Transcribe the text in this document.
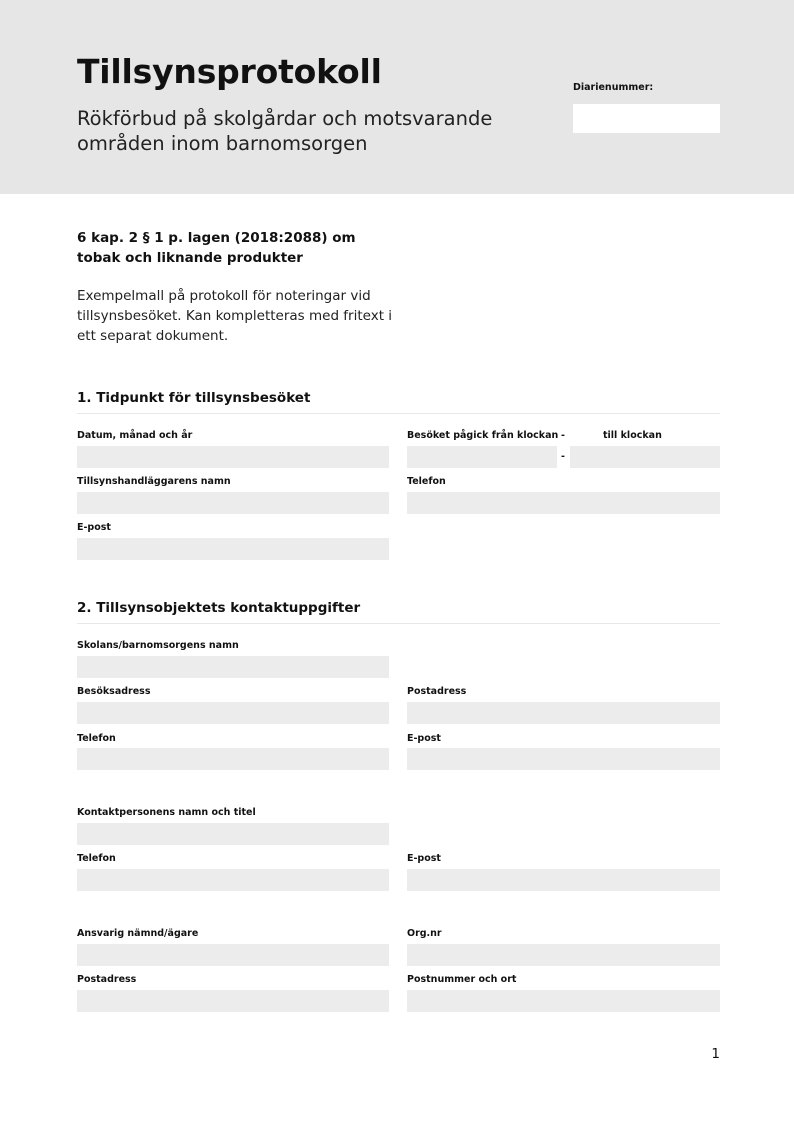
Tillsynsprotokoll
Rökförbud på skolgårdar och motsvarande områden inom barnomsorgen
Diarienummer:
6 kap. 2 § 1 p. lagen (2018:2088) om tobak och liknande produkter
Exempelmall på protokoll för noteringar vid tillsynsbesöket. Kan kompletteras med fritext i ett separat dokument.
1. Tidpunkt för tillsynsbesöket
Datum, månad och år	Besöket pågick från klockan -	till klockan
-
Tillsynshandläggarens namn	Telefon
E-post
2. Tillsynsobjektets kontaktuppgifter
Skolans/barnomsorgens namn
Besöksadress	Postadress
Telefon	E-post
Kontaktpersonens namn och titel
Telefon	E-post
Ansvarig nämnd/ägare	Org.nr
Postadress	Postnummer och ort
1
